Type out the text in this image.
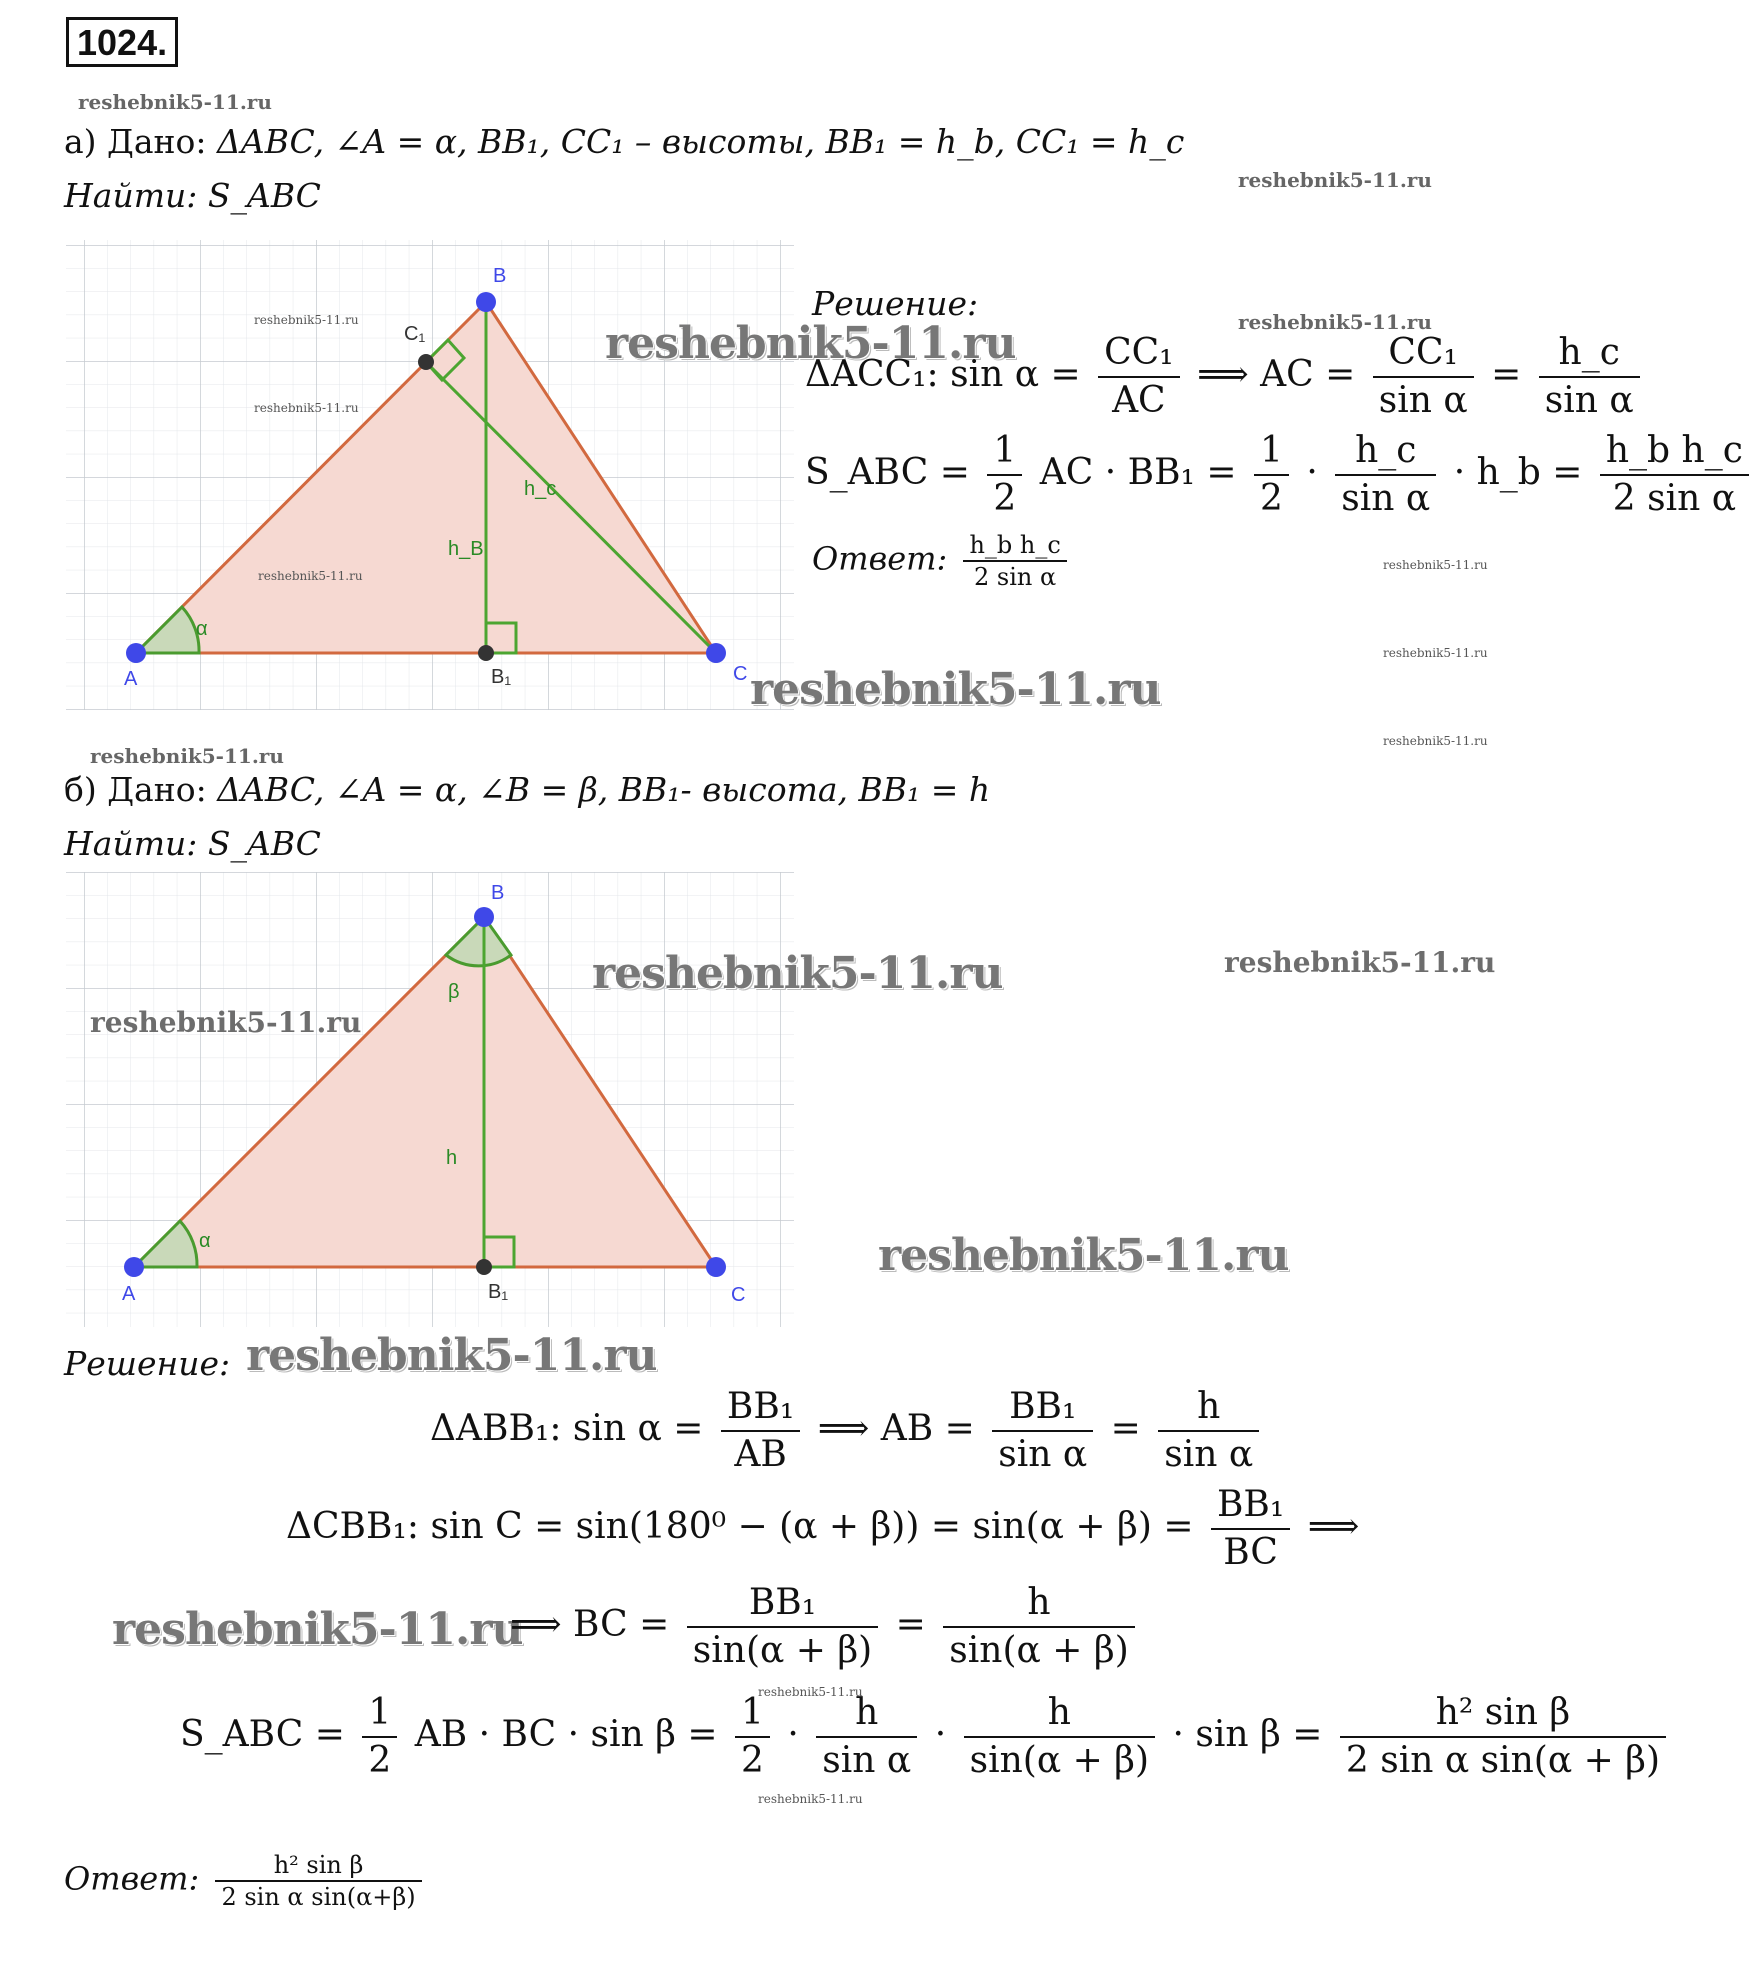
1024.
reshebnik5-11.ru
а) Дано: ΔABC, ∠A = α, BB₁, CC₁ – высоты, BB₁ = h_b, CC₁ = h_c
reshebnik5-11.ru
Найти: S_ABC
A
B
C
B₁
C₁
α
h_B
h_c
reshebnik5-11.ru
reshebnik5-11.ru
reshebnik5-11.ru
reshebnik5-11.ru
reshebnik5-11.ru
Решение:	reshebnik5-11.ru
ΔACC₁: $\sin \alpha = \frac{\text{CC₁}}{AC}$ ⟹ AC = $\frac{\text{CC₁}}{\text{sin α}} = \frac{h\_c}{\text{sin α}}$
S_ABC = $\frac{1}{2}$ AC · $BB_1 = \frac{1}{2} \cdot \frac{h\_c}{\text{sin α}}$ · h_b = $\frac{\text{h\_b h\_c}}{\text{2 sin α}}$
Ответ: $\frac{\text{h\_b h\_c}}{\text{2 sin α}}$	reshebnik5-11.ru
reshebnik5-11.ru
reshebnik5-11.ru
reshebnik5-11.ru
б) Дано: ΔABC, ∠A = α, ∠B = β, BB₁- высота, BB₁ = h
Найти: S_ABC
A
B
C
B₁
α
β
h
reshebnik5-11.ru	reshebnik5-11.ru
reshebnik5-11.ru
reshebnik5-11.ru
Решение: reshebnik5-11.ru
ΔABB₁: $\sin \alpha = \frac{\text{BB₁}}{AB}$ ⟹ AB = $\frac{\text{BB₁}}{\text{sin α}} = \frac{h}{\text{sin α}}$
ΔCBB₁: $\sin C = \sin(180^0 - (\alpha + \beta)) = \sin(\alpha + \beta) = \frac{\text{BB₁}}{BC}$ ⟹
reshebnik5-11.ru
⟹ BC = $\frac{\text{BB₁}}{\sin(\alpha + \beta)} = \frac{h}{\sin(\alpha + \beta)}$
reshebnik5-11.ru
S_ABC = $\frac{1}{2}$ AB · BC · $\sin \beta = \frac{1}{2} \cdot \frac{h}{\text{sin α}} \cdot \frac{h}{\sin(\alpha + \beta)} \cdot \sin \beta = \frac{\text{h² sin β}}{\text{2 sin α sin(α + β)}}$
reshebnik5-11.ru
Ответ: $\frac{\text{h² sin β}}{\text{2 sin α sin(α+β)}}$
